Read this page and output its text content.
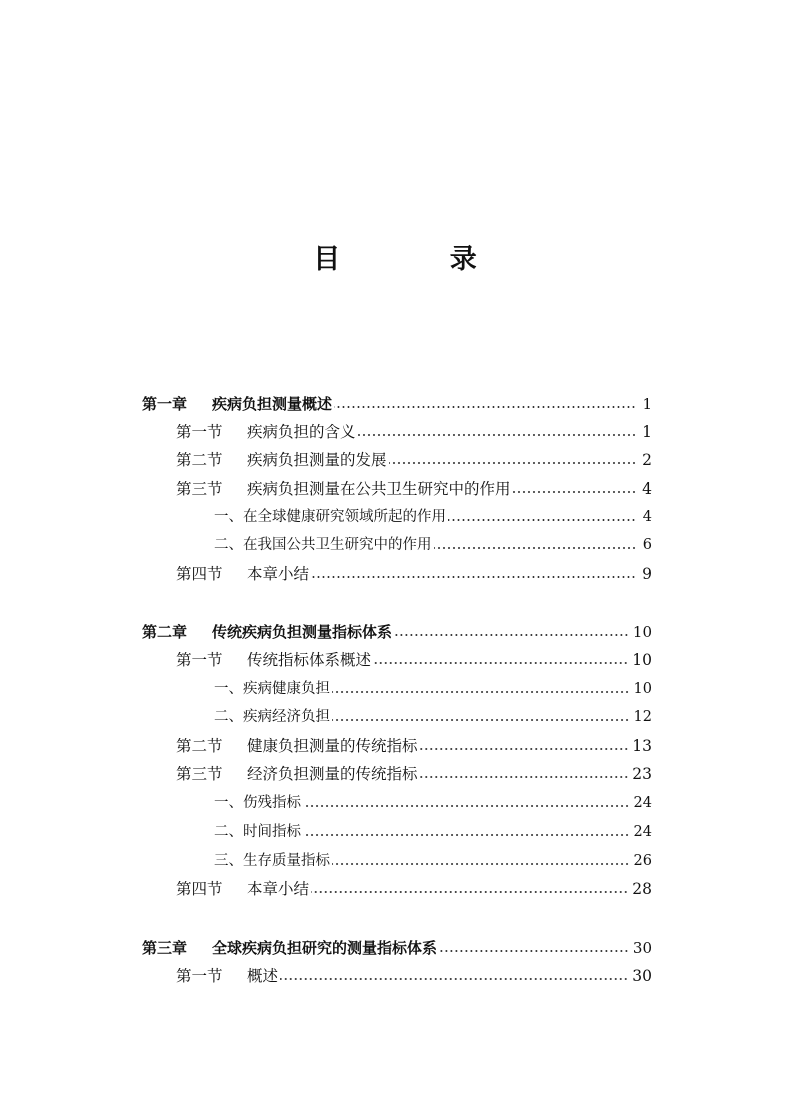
目 录
第一章	疾病负担测量概述	1
第一节	疾病负担的含义	1
第二节	疾病负担测量的发展	2
第三节	疾病负担测量在公共卫生研究中的作用	4
一、在全球健康研究领域所起的作用	4
二、在我国公共卫生研究中的作用	6
第四节	本章小结	9
第二章	传统疾病负担测量指标体系	10
第一节	传统指标体系概述	10
一、疾病健康负担	10
二、疾病经济负担	12
第二节	健康负担测量的传统指标	13
第三节	经济负担测量的传统指标	23
一、伤残指标	24
二、时间指标	24
三、生存质量指标	26
第四节	本章小结	28
第三章	全球疾病负担研究的测量指标体系	30
第一节	概述	30
